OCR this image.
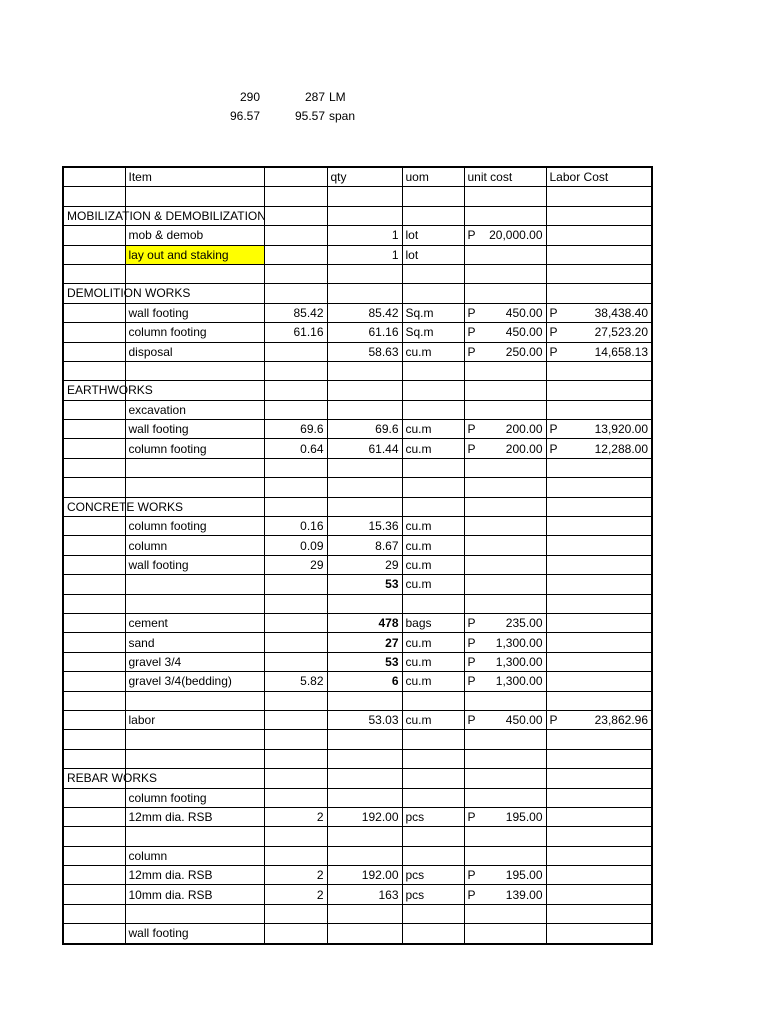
290	287 LM
96.57	95.57 span
	Item		qty	uom	unit cost	Labor Cost

MOBILIZATION & DEMOBILIZATION						

	mob & demob		1	lot	P 20,000.00	

	lay out and staking		1	lot		

DEMOLITION WORKS						

	wall footing	85.42	85.42	Sq.m	P 450.00	P 38,438.40

	column footing	61.16	61.16	Sq.m	P 450.00	P 27,523.20

	disposal		58.63	cu.m	P 250.00	P 14,658.13

EARTHWORKS						

	excavation					
	wall footing	69.6	69.6	cu.m	P 200.00	P 13,920.00

	column footing	0.64	61.44	cu.m	P 200.00	P 12,288.00

CONCRETE WORKS						

	column footing	0.16	15.36	cu.m		
	column	0.09	8.67	cu.m		
	wall footing	29	29	cu.m		
			53	cu.m		

	cement		478	bags	P 235.00	

	sand		27	cu.m	P 1,300.00	

	gravel 3/4		53	cu.m	P 1,300.00	

	gravel 3/4(bedding)	5.82	6	cu.m	P 1,300.00	

	labor		53.03	cu.m	P 450.00	P 23,862.96

REBAR WORKS						

	column footing					
	12mm dia. RSB	2	192.00	pcs	P 195.00	

	column					
	12mm dia. RSB	2	192.00	pcs	P 195.00	

	10mm dia. RSB	2	163	pcs	P 139.00	

	wall footing					
